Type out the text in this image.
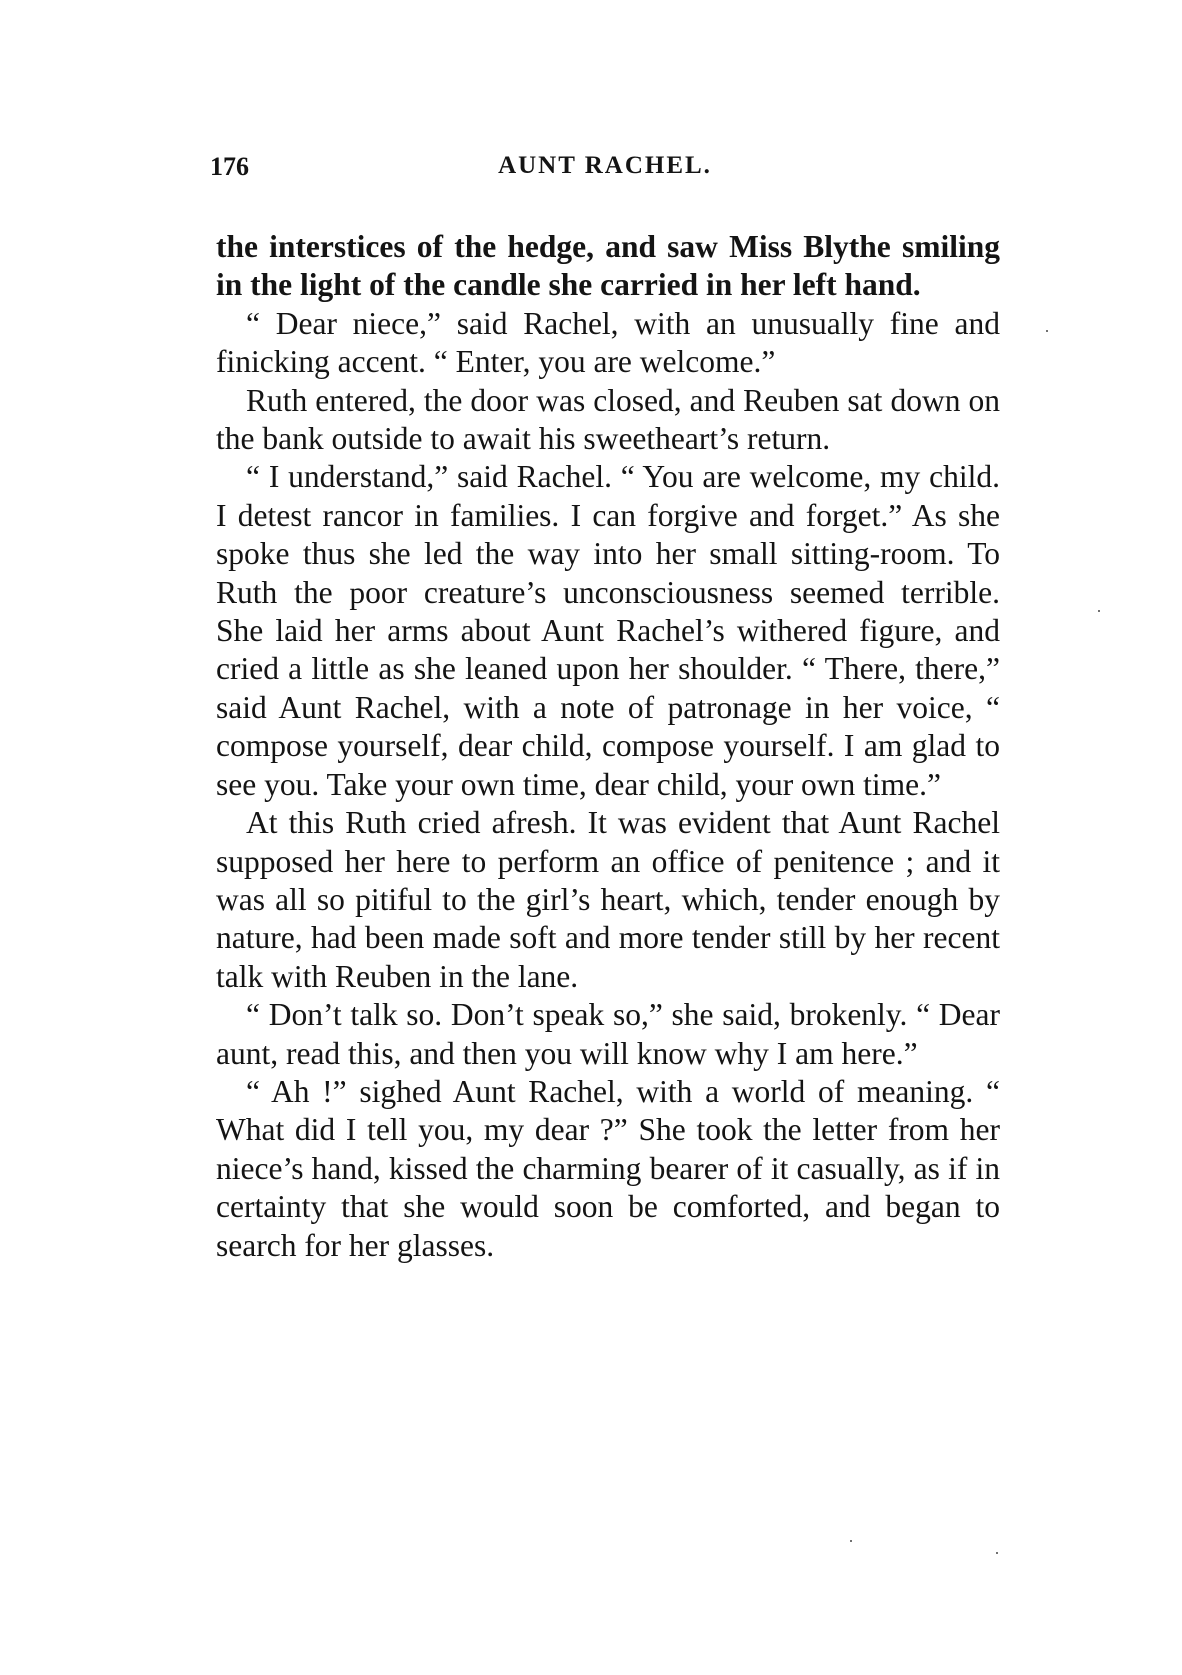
176	AUNT RACHEL.

the interstices of the hedge, and saw Miss Blythe smiling in the light of the candle she carried in her left hand.

“ Dear niece,” said Rachel, with an unusually fine and finicking accent. “ Enter, you are welcome.”

Ruth entered, the door was closed, and Reuben sat down on the bank outside to await his sweetheart’s return.

“ I understand,” said Rachel. “ You are welcome, my child. I detest rancor in families. I can forgive and forget.” As she spoke thus she led the way into her small sitting-room. To Ruth the poor creature’s unconsciousness seemed terrible. She laid her arms about Aunt Rachel’s withered figure, and cried a little as she leaned upon her shoulder. “ There, there,” said Aunt Rachel, with a note of patronage in her voice, “ compose yourself, dear child, compose yourself. I am glad to see you. Take your own time, dear child, your own time.”

At this Ruth cried afresh. It was evident that Aunt Rachel supposed her here to perform an office of penitence ; and it was all so pitiful to the girl’s heart, which, tender enough by nature, had been made soft and more tender still by her recent talk with Reuben in the lane.

“ Don’t talk so. Don’t speak so,” she said, brokenly. “ Dear aunt, read this, and then you will know why I am here.”

“ Ah !” sighed Aunt Rachel, with a world of meaning. “ What did I tell you, my dear ?” She took the letter from her niece’s hand, kissed the charming bearer of it casually, as if in certainty that she would soon be comforted, and began to search for her glasses.
